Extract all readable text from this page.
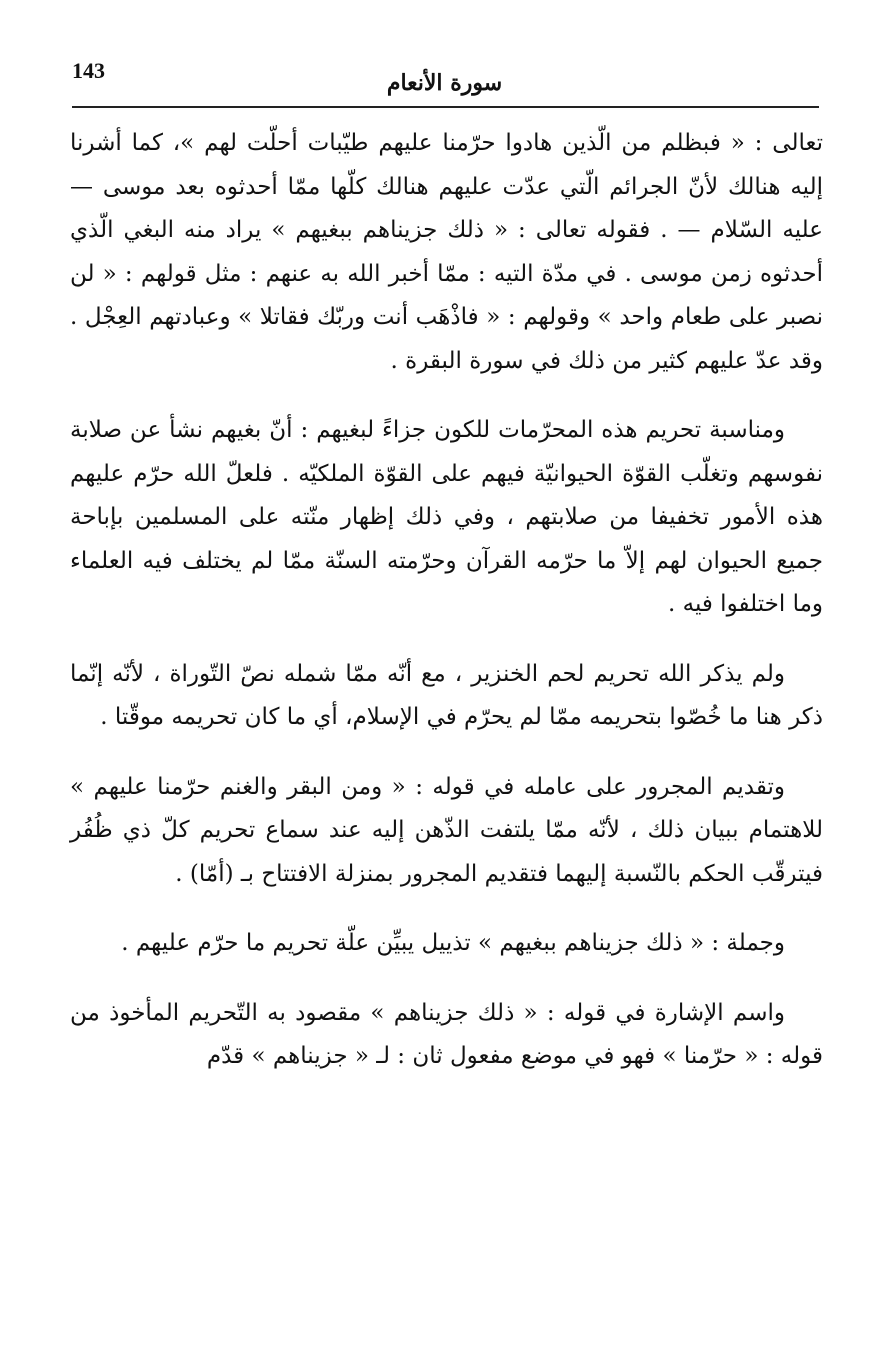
143	سورة الأنعام

تعالى : « فبظلم من الّذين هادوا حرّمنا عليهم طيّبات أحلّت لهم »، كما أشرنا إليه هنالك لأنّ الجرائم الّتي عدّت عليهم هنالك كلّها ممّا أحدثوه بعد موسى — عليه السّلام — . فقوله تعالى : « ذلك جزيناهم ببغيهم » يراد منه البغي الّذي أحدثوه زمن موسى . في مدّة التيه : ممّا أخبر الله به عنهم : مثل قولهم : « لن نصبر على طعام واحد » وقولهم : « فاذْهَب أنت وربّك فقاتلا » وعبادتهم العِجْل . وقد عدّ عليهم كثير من ذلك في سورة البقرة .

ومناسبة تحريم هذه المحرّمات للكون جزاءً لبغيهم : أنّ بغيهم نشأ عن صلابة نفوسهم وتغلّب القوّة الحيوانيّة فيهم على القوّة الملكيّه . فلعلّ الله حرّم عليهم هذه الأمور تخفيفا من صلابتهم ، وفي ذلك إظهار منّته على المسلمين بإباحة جميع الحيوان لهم إلاّ ما حرّمه القرآن وحرّمته السنّة ممّا لم يختلف فيه العلماء وما اختلفوا فيه .

ولم يذكر الله تحريم لحم الخنزير ، مع أنّه ممّا شمله نصّ التّوراة ، لأنّه إنّما ذكر هنا ما خُصّوا بتحريمه ممّا لم يحرّم في الإسلام، أي ما كان تحريمه موقّتا .

وتقديم المجرور على عامله في قوله : « ومن البقر والغنم حرّمنا عليهم » للاهتمام ببيان ذلك ، لأنّه ممّا يلتفت الذّهن إليه عند سماع تحريم كلّ ذي ظُفُر فيترقّب الحكم بالنّسبة إليهما فتقديم المجرور بمنزلة الافتتاح بـ (أمّا) .

وجملة : « ذلك جزيناهم ببغيهم » تذييل يبيِّن علّة تحريم ما حرّم عليهم .

واسم الإشارة في قوله : « ذلك جزيناهم » مقصود به التّحريم المأخوذ من قوله : « حرّمنا » فهو في موضع مفعول ثان : لـ « جزيناهم » قدّم
